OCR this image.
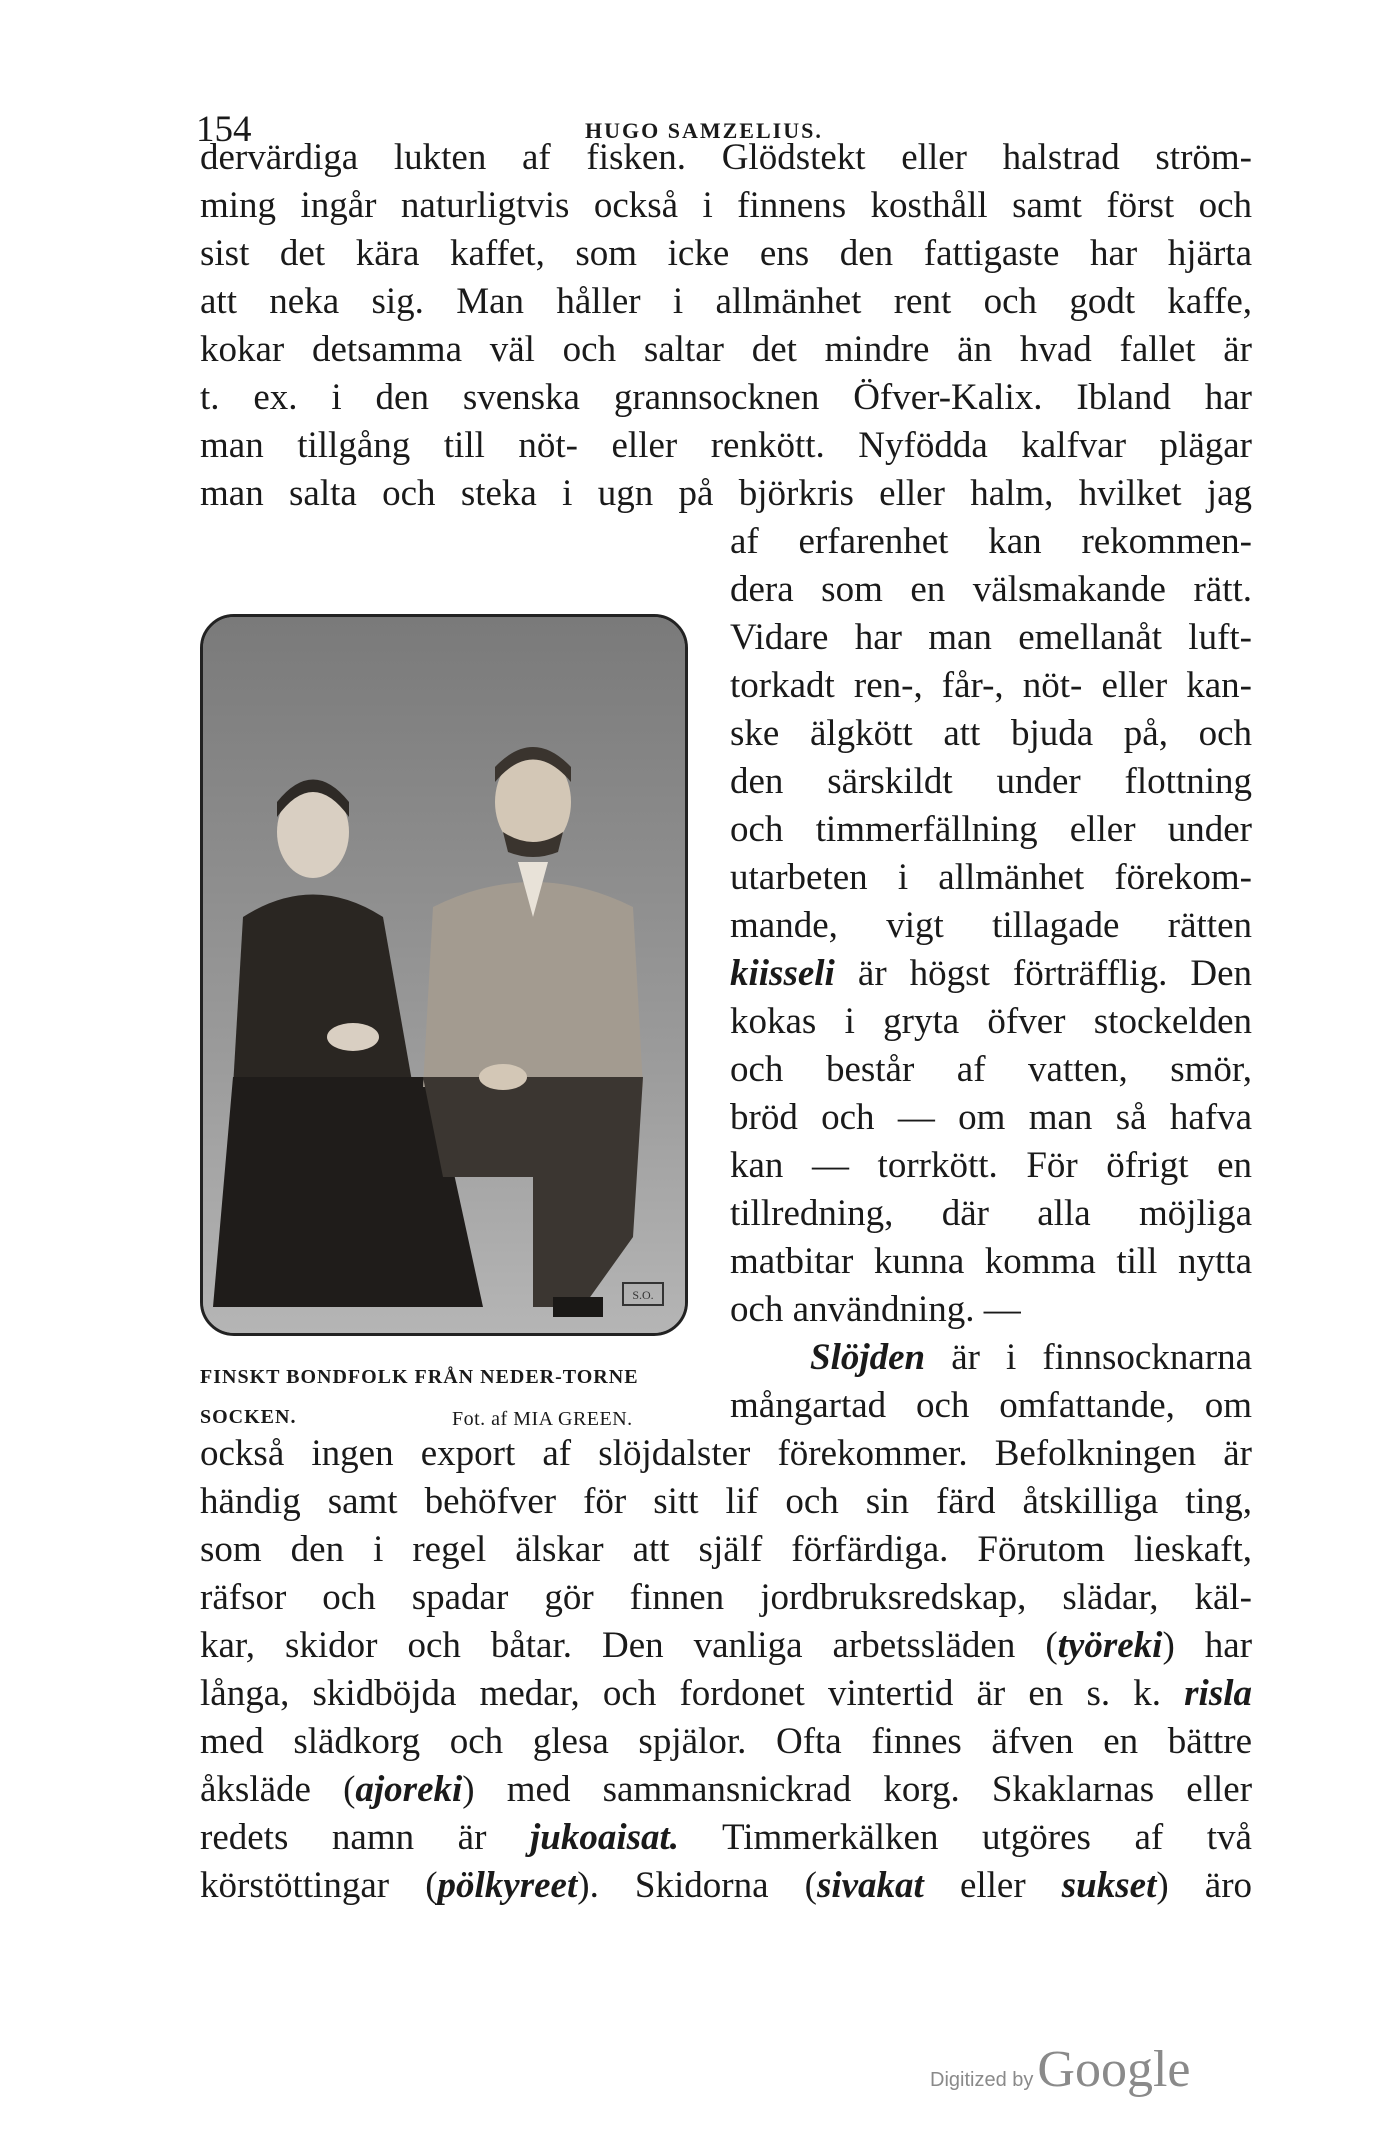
154	HUGO SAMZELIUS.
dervärdiga lukten af fisken. Glödstekt eller halstrad ström-
ming ingår naturligtvis också i finnens kosthåll samt först och
sist det kära kaffet, som icke ens den fattigaste har hjärta
att neka sig. Man håller i allmänhet rent och godt kaffe,
kokar detsamma väl och saltar det mindre än hvad fallet är
t. ex. i den svenska grannsocknen Öfver-Kalix. Ibland har
man tillgång till nöt- eller renkött. Nyfödda kalfvar plägar
man salta och steka i ugn på björkris eller halm, hvilket jag
af erfarenhet kan rekommen-
dera som en välsmakande rätt.
Vidare har man emellanåt luft-
torkadt ren-, får-, nöt- eller kan-
ske älgkött att bjuda på, och
den särskildt under flottning
och timmerfällning eller under
utarbeten i allmänhet förekom-
mande, vigt tillagade rätten
kiisseli är högst förträfflig. Den
kokas i gryta öfver stockelden
och består af vatten, smör,
bröd och — om man så hafva
kan — torrkött. För öfrigt en
tillredning, där alla möjliga
matbitar kunna komma till nytta
och användning. —
Slöjden är i finnsocknarna
mångartad och omfattande, om
också ingen export af slöjdalster förekommer. Befolkningen är
händig samt behöfver för sitt lif och sin färd åtskilliga ting,
som den i regel älskar att själf förfärdiga. Förutom lieskaft,
räfsor och spadar gör finnen jordbruksredskap, slädar, käl-
kar, skidor och båtar. Den vanliga arbetssläden (työreki) har
långa, skidböjda medar, och fordonet vintertid är en s. k. risla
med slädkorg och glesa spjälor. Ofta finnes äfven en bättre
åksläde (ajoreki) med sammansnickrad korg. Skaklarnas eller
redets namn är jukoaisat. Timmerkälken utgöres af två
körstöttingar (pölkyreet). Skidorna (sivakat eller sukset) äro
S.O.
FINSKT BONDFOLK FRÅN NEDER-TORNE
SOCKEN.	Fot. af MIA GREEN.
Digitized by Google
